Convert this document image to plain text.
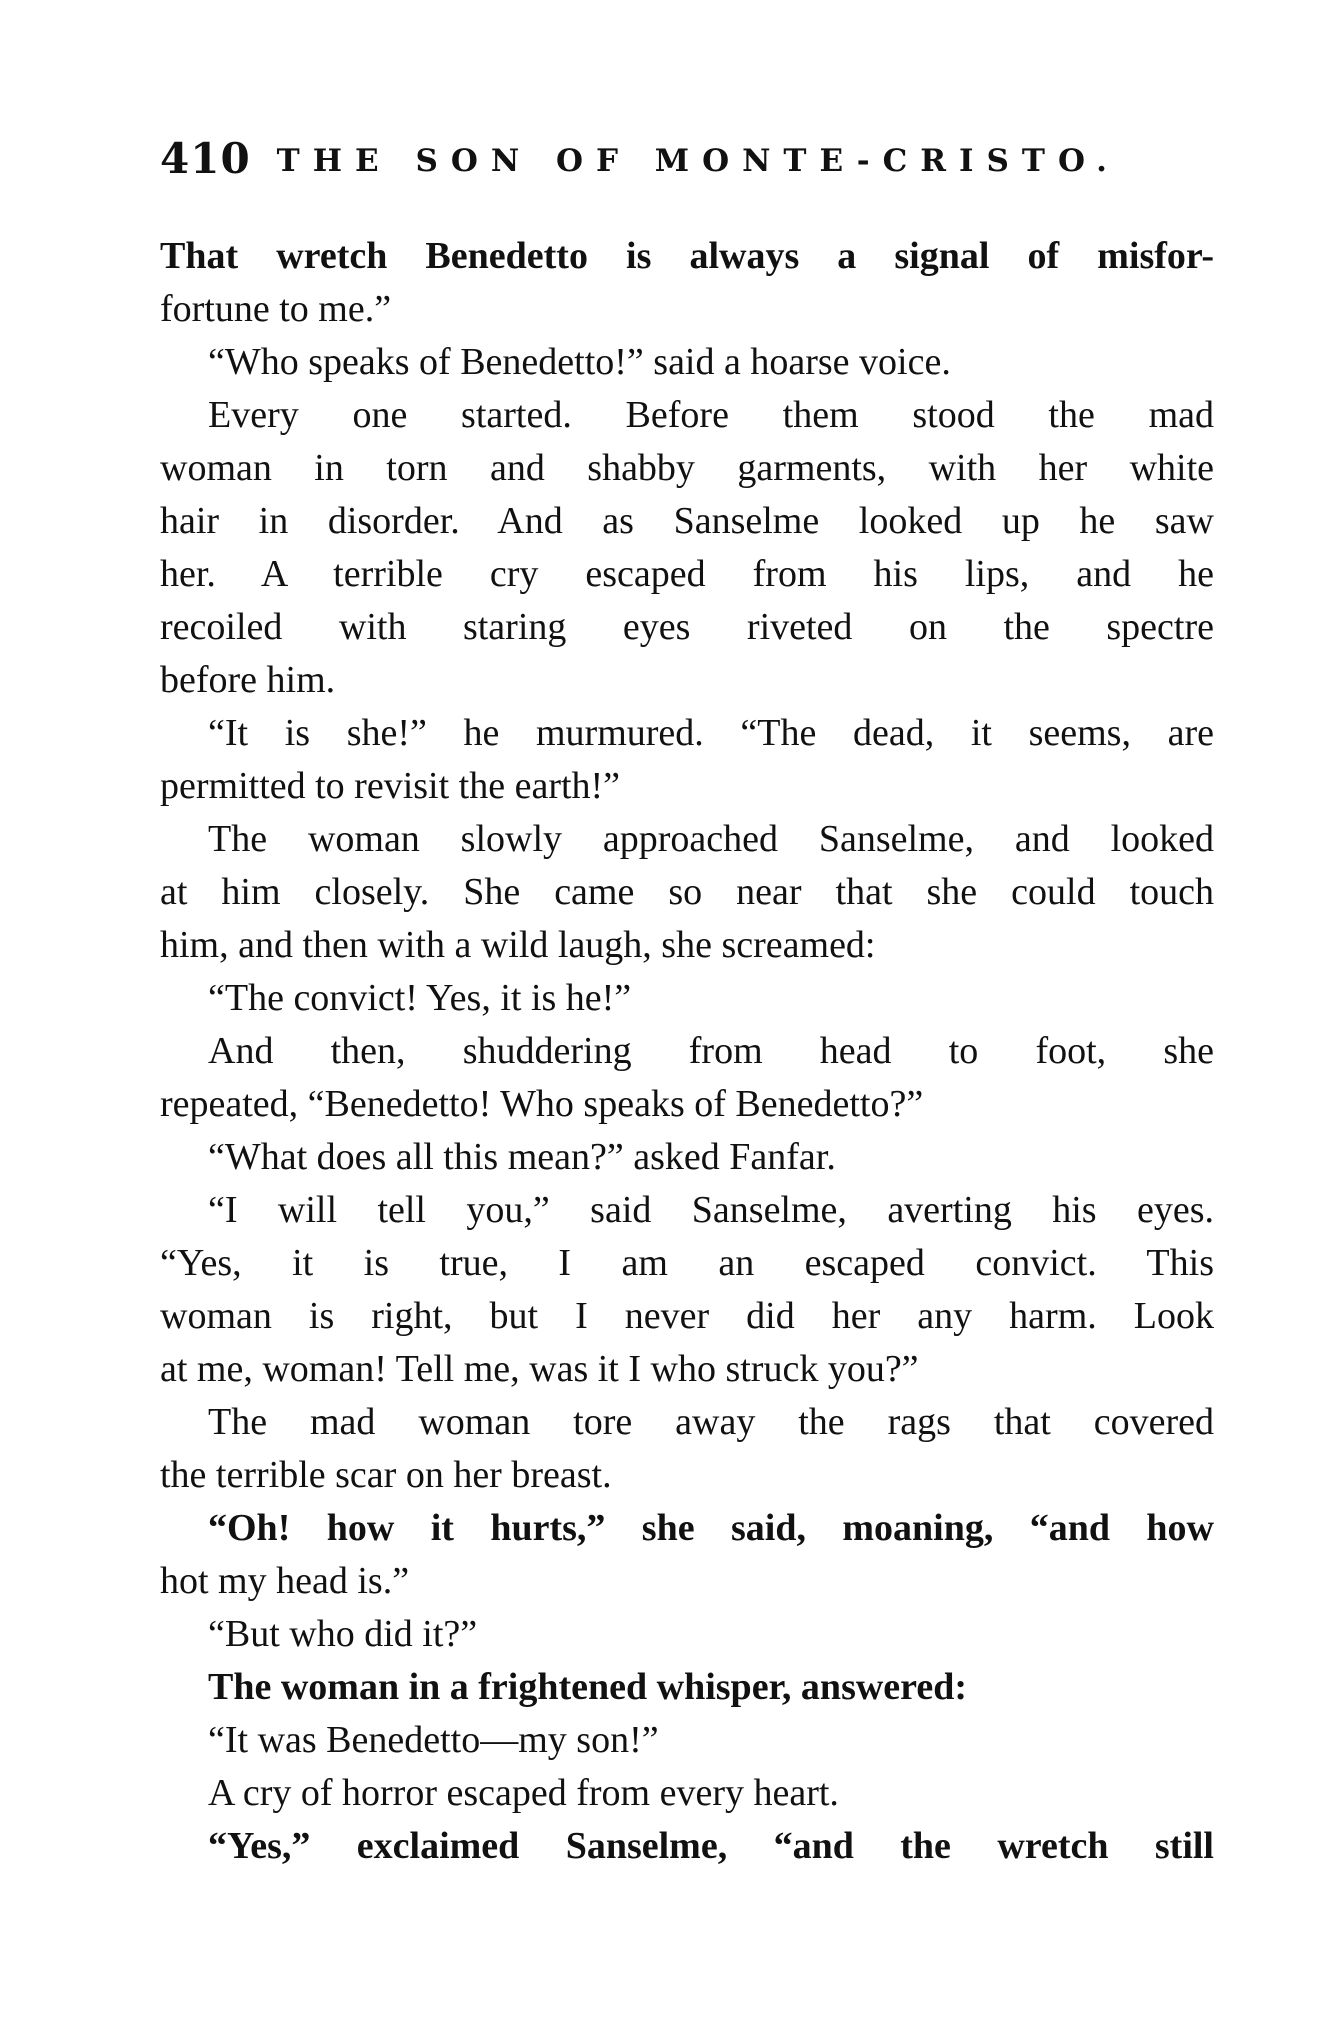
410 THE SON OF MONTE-CRISTO.
That wretch Benedetto is always a signal of misfor-
fortune to me.”
“Who speaks of Benedetto!” said a hoarse voice.
Every one started. Before them stood the mad
woman in torn and shabby garments, with her white
hair in disorder. And as Sanselme looked up he saw
her. A terrible cry escaped from his lips, and he
recoiled with staring eyes riveted on the spectre
before him.
“It is she!” he murmured. “The dead, it seems, are
permitted to revisit the earth!”
The woman slowly approached Sanselme, and looked
at him closely. She came so near that she could touch
him, and then with a wild laugh, she screamed:
“The convict! Yes, it is he!”
And then, shuddering from head to foot, she
repeated, “Benedetto! Who speaks of Benedetto?”
“What does all this mean?” asked Fanfar.
“I will tell you,” said Sanselme, averting his eyes.
“Yes, it is true, I am an escaped convict. This
woman is right, but I never did her any harm. Look
at me, woman! Tell me, was it I who struck you?”
The mad woman tore away the rags that covered
the terrible scar on her breast.
“Oh! how it hurts,” she said, moaning, “and how
hot my head is.”
“But who did it?”
The woman in a frightened whisper, answered:
“It was Benedetto—my son!”
A cry of horror escaped from every heart.
“Yes,” exclaimed Sanselme, “and the wretch still
